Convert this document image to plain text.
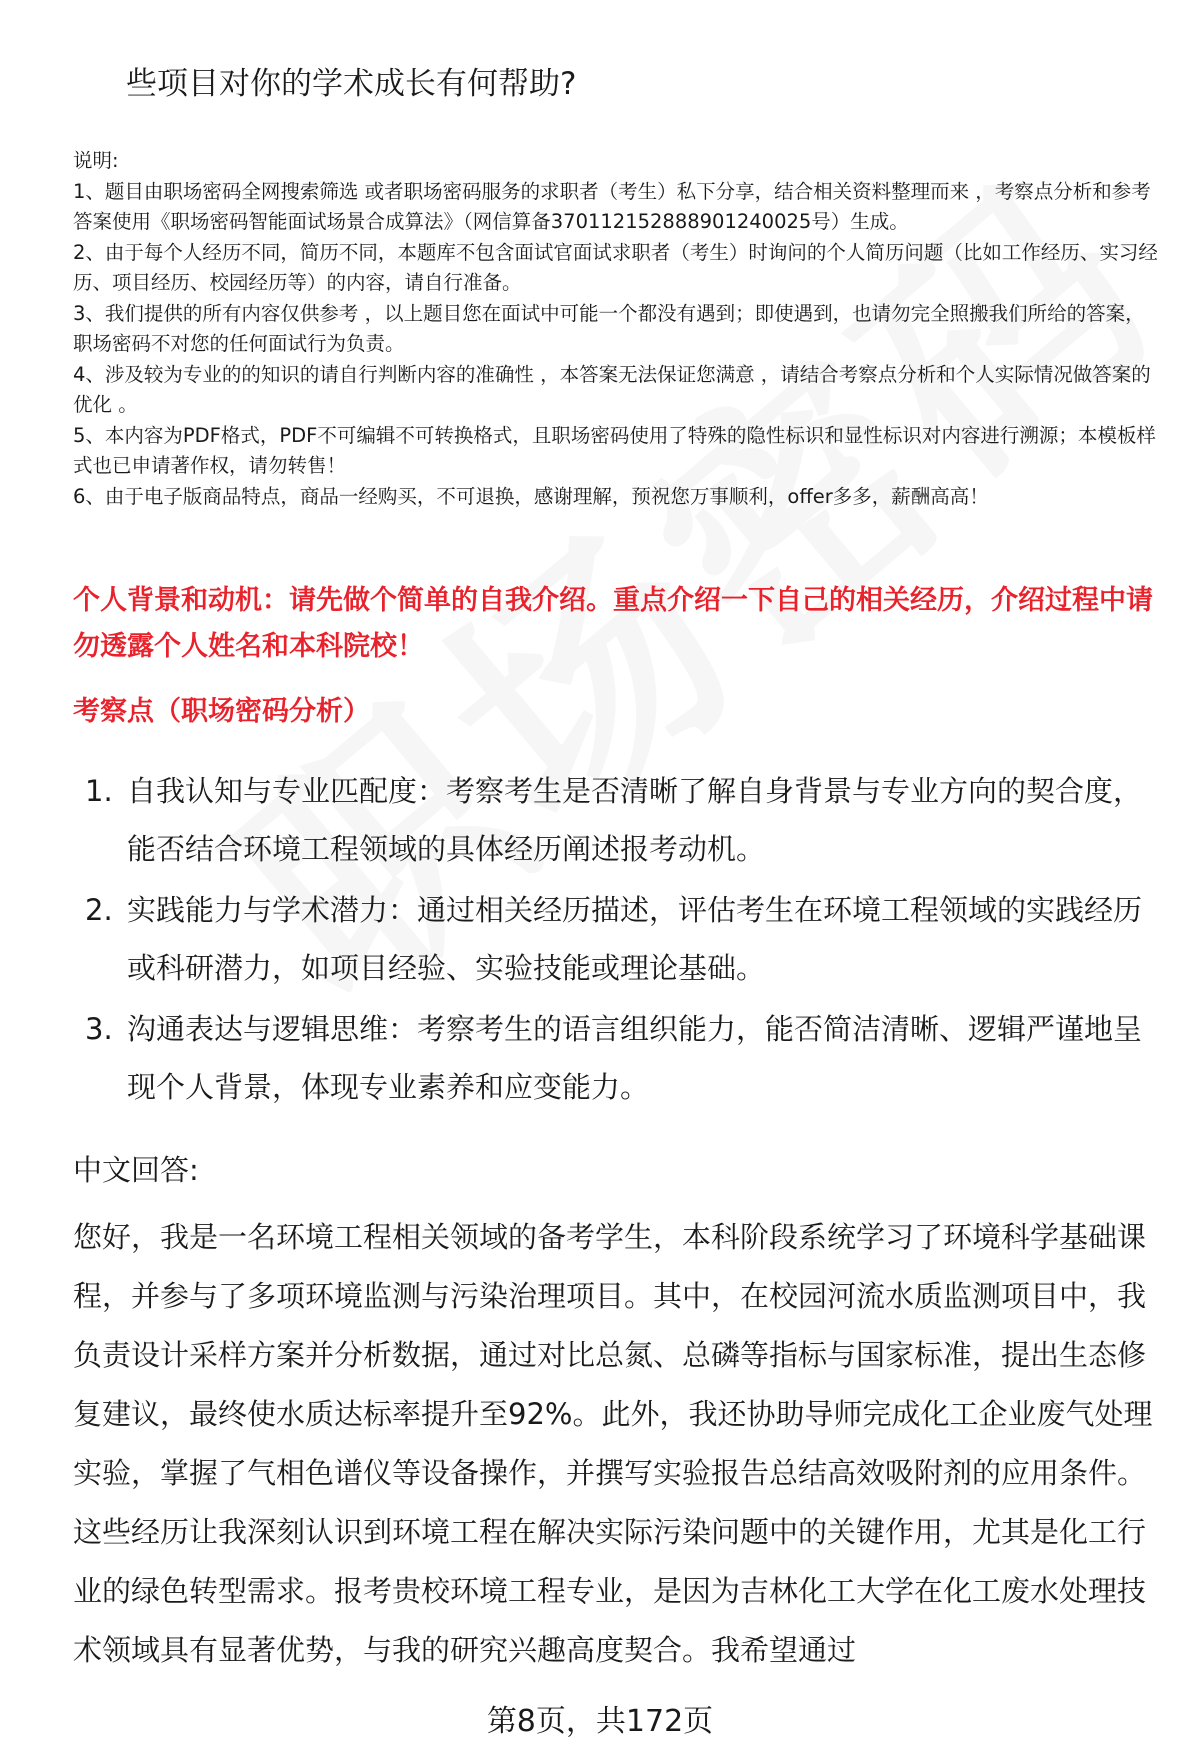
些项目对你的学术成长有何帮助?

说明:

1、题目由职场密码全网搜索筛选 或者职场密码服务的求职者（考生）私下分享，结合相关资料整理而来 ，考察点分析和参考答案使用《职场密码智能面试场景合成算法》（网信算备370112152888901240025号）生成。

2、由于每个人经历不同，简历不同，本题库不包含面试官面试求职者（考生）时询问的个人简历问题（比如工作经历、实习经历、项目经历、校园经历等）的内容，请自行准备。

3、我们提供的所有内容仅供参考 ，以上题目您在面试中可能一个都没有遇到；即使遇到，也请勿完全照搬我们所给的答案，职场密码不对您的任何面试行为负责。

4、涉及较为专业的的知识的请自行判断内容的准确性 ，本答案无法保证您满意 ，请结合考察点分析和个人实际情况做答案的优化 。

5、本内容为PDF格式，PDF不可编辑不可转换格式，且职场密码使用了特殊的隐性标识和显性标识对内容进行溯源；本模板样式也已申请著作权，请勿转售！

6、由于电子版商品特点，商品一经购买，不可退换，感谢理解，预祝您万事顺利，offer多多，薪酬高高！

个人背景和动机：请先做个简单的自我介绍。重点介绍一下自己的相关经历，介绍过程中请勿透露个人姓名和本科院校！

考察点（职场密码分析）
1. 自我认知与专业匹配度：考察考生是否清晰了解自身背景与专业方向的契合度，能否结合环境工程领域的具体经历阐述报考动机。
2. 实践能力与学术潜力：通过相关经历描述，评估考生在环境工程领域的实践经历或科研潜力，如项目经验、实验技能或理论基础。
3. 沟通表达与逻辑思维：考察考生的语言组织能力，能否简洁清晰、逻辑严谨地呈现个人背景，体现专业素养和应变能力。
中文回答:

您好，我是一名环境工程相关领域的备考学生，本科阶段系统学习了环境科学基础课程，并参与了多项环境监测与污染治理项目。其中，在校园河流水质监测项目中，我负责设计采样方案并分析数据，通过对比总氮、总磷等指标与国家标准，提出生态修复建议，最终使水质达标率提升至92%。此外，我还协助导师完成化工企业废气处理实验，掌握了气相色谱仪等设备操作，并撰写实验报告总结高效吸附剂的应用条件。这些经历让我深刻认识到环境工程在解决实际污染问题中的关键作用，尤其是化工行业的绿色转型需求。报考贵校环境工程专业，是因为吉林化工大学在化工废水处理技术领域具有显著优势，与我的研究兴趣高度契合。我希望通过

第8页，共172页
